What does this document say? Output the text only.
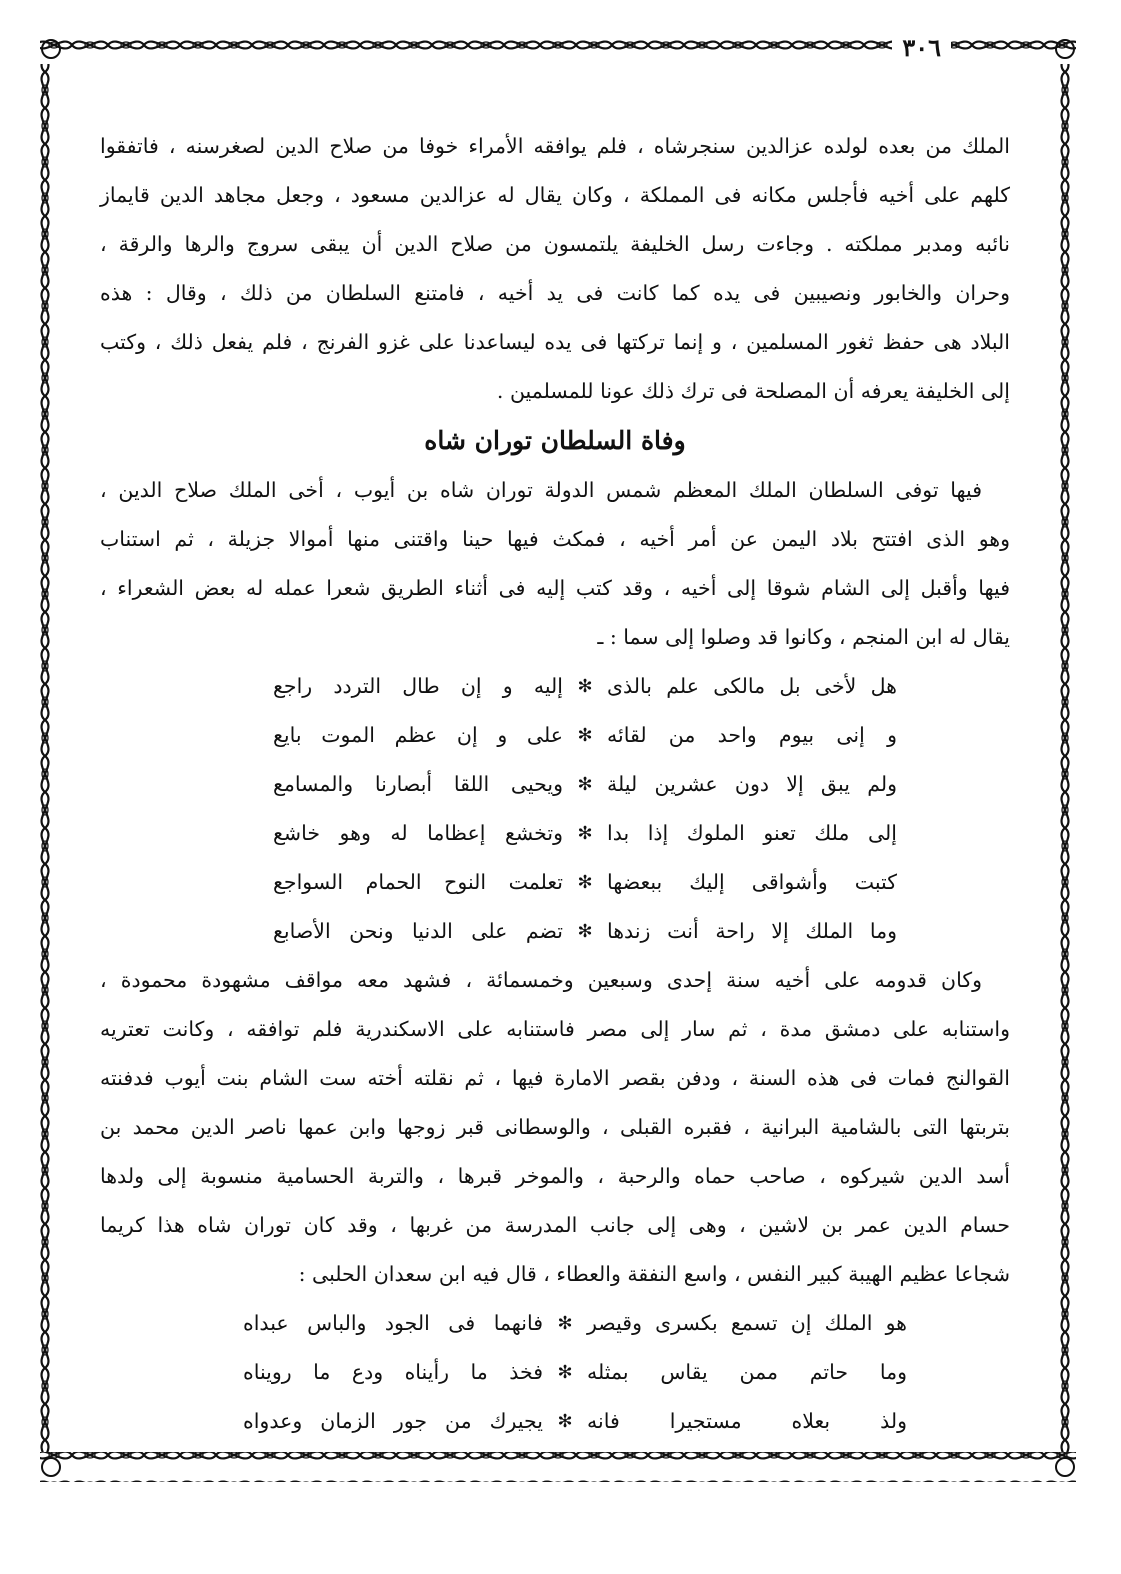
٣٠٦

الملك من بعده لولده عزالدين سنجرشاه ، فلم يوافقه الأمراء خوفا من صلاح الدين لصغرسنه ، فاتفقوا
كلهم على أخيه فأجلس مكانه فى المملكة ، وكان يقال له عزالدين مسعود ، وجعل مجاهد الدين قايماز
نائبه ومدبر مملكته . وجاءت رسل الخليفة يلتمسون من صلاح الدين أن يبقى سروج والرها والرقة ،
وحران والخابور ونصيبين فى يده كما كانت فى يد أخيه ، فامتنع السلطان من ذلك ، وقال : هذه
البلاد هى حفظ ثغور المسلمين ، و إنما تركتها فى يده ليساعدنا على غزو الفرنج ، فلم يفعل ذلك ، وكتب
إلى الخليفة يعرفه أن المصلحة فى ترك ذلك عونا للمسلمين .

وفاة السلطان توران شاه

فيها توفى السلطان الملك المعظم شمس الدولة توران شاه بن أيوب ، أخى الملك صلاح الدين ،
وهو الذى افتتح بلاد اليمن عن أمر أخيه ، فمكث فيها حينا واقتنى منها أموالا جزيلة ، ثم استناب
فيها وأقبل إلى الشام شوقا إلى أخيه ، وقد كتب إليه فى أثناء الطريق شعرا عمله له بعض الشعراء ،
يقال له ابن المنجم ، وكانوا قد وصلوا إلى سما : ـ

هل لأخى بل مالكى علم بالذى
✻
إليه و إن طال التردد راجع
و إنى بيوم واحد من لقائه
✻
على و إن عظم الموت بايع
ولم يبق إلا دون عشرين ليلة
✻
ويحيى اللقا أبصارنا والمسامع
إلى ملك تعنو الملوك إذا بدا
✻
وتخشع إعظاما له وهو خاشع
كتبت وأشواقى إليك ببعضها
✻
تعلمت النوح الحمام السواجع
وما الملك إلا راحة أنت زندها
✻
تضم على الدنيا ونحن الأصابع

وكان قدومه على أخيه سنة إحدى وسبعين وخمسمائة ، فشهد معه مواقف مشهودة محمودة ،
واستنابه على دمشق مدة ، ثم سار إلى مصر فاستنابه على الاسكندرية فلم توافقه ، وكانت تعتريه
القوالنج فمات فى هذه السنة ، ودفن بقصر الامارة فيها ، ثم نقلته أخته ست الشام بنت أيوب فدفنته
بتربتها التى بالشامية البرانية ، فقبره القبلى ، والوسطانى قبر زوجها وابن عمها ناصر الدين محمد بن
أسد الدين شيركوه ، صاحب حماه والرحبة ، والموخر قبرها ، والتربة الحسامية منسوبة إلى ولدها
حسام الدين عمر بن لاشين ، وهى إلى جانب المدرسة من غربها ، وقد كان توران شاه هذا كريما
شجاعا عظيم الهيبة كبير النفس ، واسع النفقة والعطاء ، قال فيه ابن سعدان الحلبى :

هو الملك إن تسمع بكسرى وقيصر
✻
فانهما فى الجود والباس عبداه
وما حاتم ممن يقاس بمثله
✻
فخذ ما رأيناه ودع ما رويناه
ولذ بعلاه مستجيرا فانه
✻
يجيرك من جور الزمان وعدواه
